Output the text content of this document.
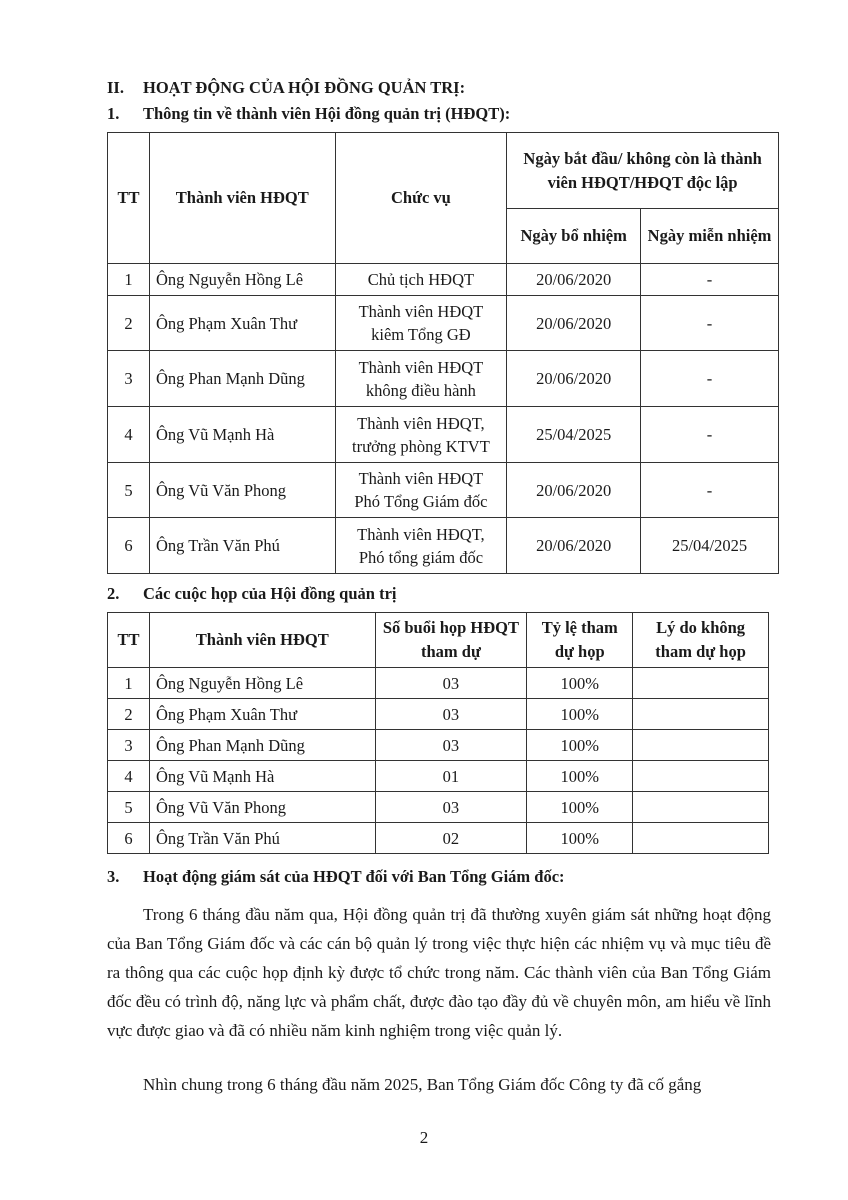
II. HOẠT ĐỘNG CỦA HỘI ĐỒNG QUẢN TRỊ:
1. Thông tin về thành viên Hội đồng quản trị (HĐQT):
TT	Thành viên HĐQT	Chức vụ	Ngày bắt đầu/ không còn là thành viên HĐQT/HĐQT độc lập	
			Ngày bổ nhiệm	Ngày miễn nhiệm
1	Ông Nguyễn Hồng Lê	Chủ tịch HĐQT	20/06/2020	-
2	Ông Phạm Xuân Thư	Thành viên HĐQT
kiêm Tổng GĐ	20/06/2020	-
3	Ông Phan Mạnh Dũng	Thành viên HĐQT
không điều hành	20/06/2020	-
4	Ông Vũ Mạnh Hà	Thành viên HĐQT,
trưởng phòng KTVT	25/04/2025	-
5	Ông Vũ Văn Phong	Thành viên HĐQT
Phó Tổng Giám đốc	20/06/2020	-
6	Ông Trần Văn Phú	Thành viên HĐQT,
Phó tổng giám đốc	20/06/2020	25/04/2025
2. Các cuộc họp của Hội đồng quản trị
TT	Thành viên HĐQT	Số buổi họp HĐQT tham dự	Tỷ lệ tham dự họp	Lý do không tham dự họp
1	Ông Nguyễn Hồng Lê	03	100%	
2	Ông Phạm Xuân Thư	03	100%	
3	Ông Phan Mạnh Dũng	03	100%	
4	Ông Vũ Mạnh Hà	01	100%	
5	Ông Vũ Văn Phong	03	100%	
6	Ông Trần Văn Phú	02	100%	
3. Hoạt động giám sát của HĐQT đối với Ban Tổng Giám đốc:

Trong 6 tháng đầu năm qua, Hội đồng quản trị đã thường xuyên giám sát những hoạt động của Ban Tổng Giám đốc và các cán bộ quản lý trong việc thực hiện các nhiệm vụ và mục tiêu đề ra thông qua các cuộc họp định kỳ được tổ chức trong năm. Các thành viên của Ban Tổng Giám đốc đều có trình độ, năng lực và phẩm chất, được đào tạo đầy đủ về chuyên môn, am hiểu về lĩnh vực được giao và đã có nhiều năm kinh nghiệm trong việc quản lý.

Nhìn chung trong 6 tháng đầu năm 2025, Ban Tổng Giám đốc Công ty đã cố gắng

2
